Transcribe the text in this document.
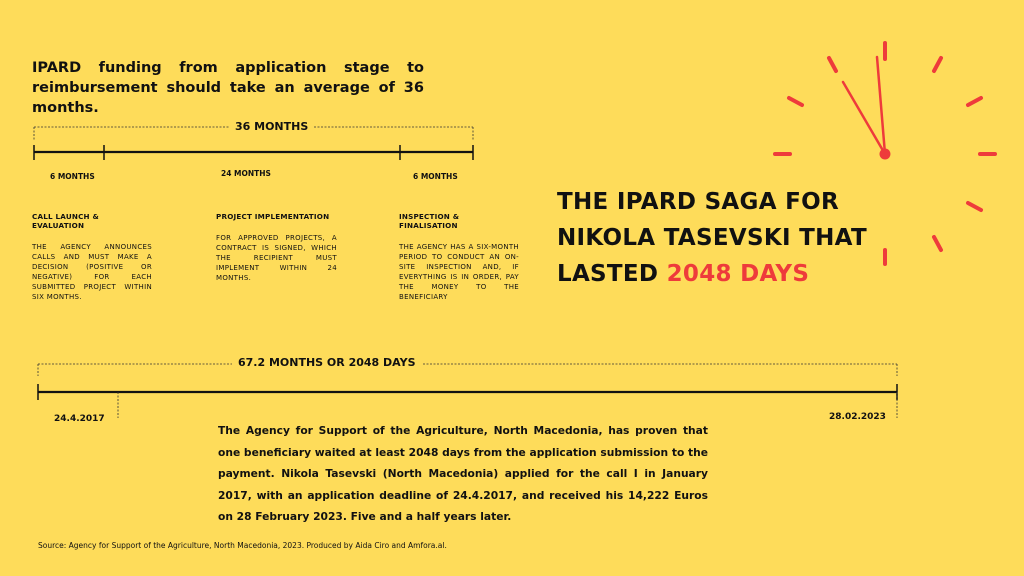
IPARD funding from application stage to reimbursement should take an average of 36 months.
36 MONTHS
6 MONTHS	24 MONTHS	6 MONTHS
CALL LAUNCH & EVALUATION
THE AGENCY ANNOUNCES CALLS AND MUST MAKE A DECISION (POSITIVE OR NEGATIVE) FOR EACH SUBMITTED PROJECT WITHIN SIX MONTHS.
PROJECT IMPLEMENTATION
FOR APPROVED PROJECTS, A CONTRACT IS SIGNED, WHICH THE RECIPIENT MUST IMPLEMENT WITHIN 24 MONTHS.
INSPECTION & FINALISATION
THE AGENCY HAS A SIX-MONTH PERIOD TO CONDUCT AN ON-SITE INSPECTION AND, IF EVERYTHING IS IN ORDER, PAY THE MONEY TO THE BENEFICIARY
THE IPARD SAGA FOR
NIKOLA TASEVSKI THAT
LASTED 2048 DAYS
67.2 MONTHS OR 2048 DAYS
24.4.2017	28.02.2023
The Agency for Support of the Agriculture, North Macedonia, has proven that one beneficiary waited at least 2048 days from the application submission to the payment. Nikola Tasevski (North Macedonia) applied for the call I in January 2017, with an application deadline of 24.4.2017, and received his 14,222 Euros on 28 February 2023. Five and a half years later.
Source: Agency for Support of the Agriculture, North Macedonia, 2023. Produced by Aida Ciro and Amfora.al.
